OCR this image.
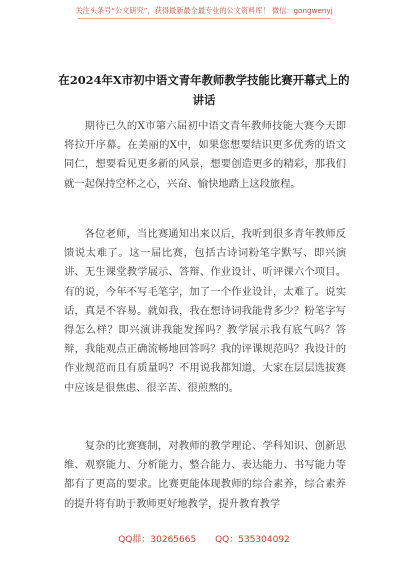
关注头条号“公文研究”，获得最新最全最专业的公文资料库！ 微信：gongwenyj
在2024年X市初中语文青年教师教学技能比赛开幕式上的讲话
期待已久的X市第六届初中语文青年教师技能大赛今天即将拉开序幕。在美丽的X中，如果您想要结识更多优秀的语文同仁，想要看见更多新的风景，想要创造更多的精彩，那我们就一起保持空杯之心，兴奋、愉快地踏上这段旅程。
各位老师，当比赛通知出来以后，我听到很多青年教师反馈说太难了。这一届比赛，包括古诗词粉笔字默写、即兴演讲、无生课堂教学展示、答辩、作业设计、听评课六个项目。有的说，今年不写毛笔字，加了一个作业设计，太难了。说实话，真是不容易。就如我，我在想诗词我能背多少？粉笔字写得怎么样？即兴演讲我能发挥吗？教学展示我有底气吗？答辩，我能观点正确流畅地回答吗？我的评课规范吗？我设计的作业规范而且有质量吗？不用说我都知道，大家在层层选拔赛中应该是很焦虑、很辛苦、很煎熬的。
复杂的比赛赛制，对教师的教学理论、学科知识、创新思维、观察能力、分析能力、整合能力、表达能力、书写能力等都有了更高的要求。比赛更能体现教师的综合素养，综合素养的提升将有助于教师更好地教学，提升教育教学
QQ群：30265665 QQ：535304092
